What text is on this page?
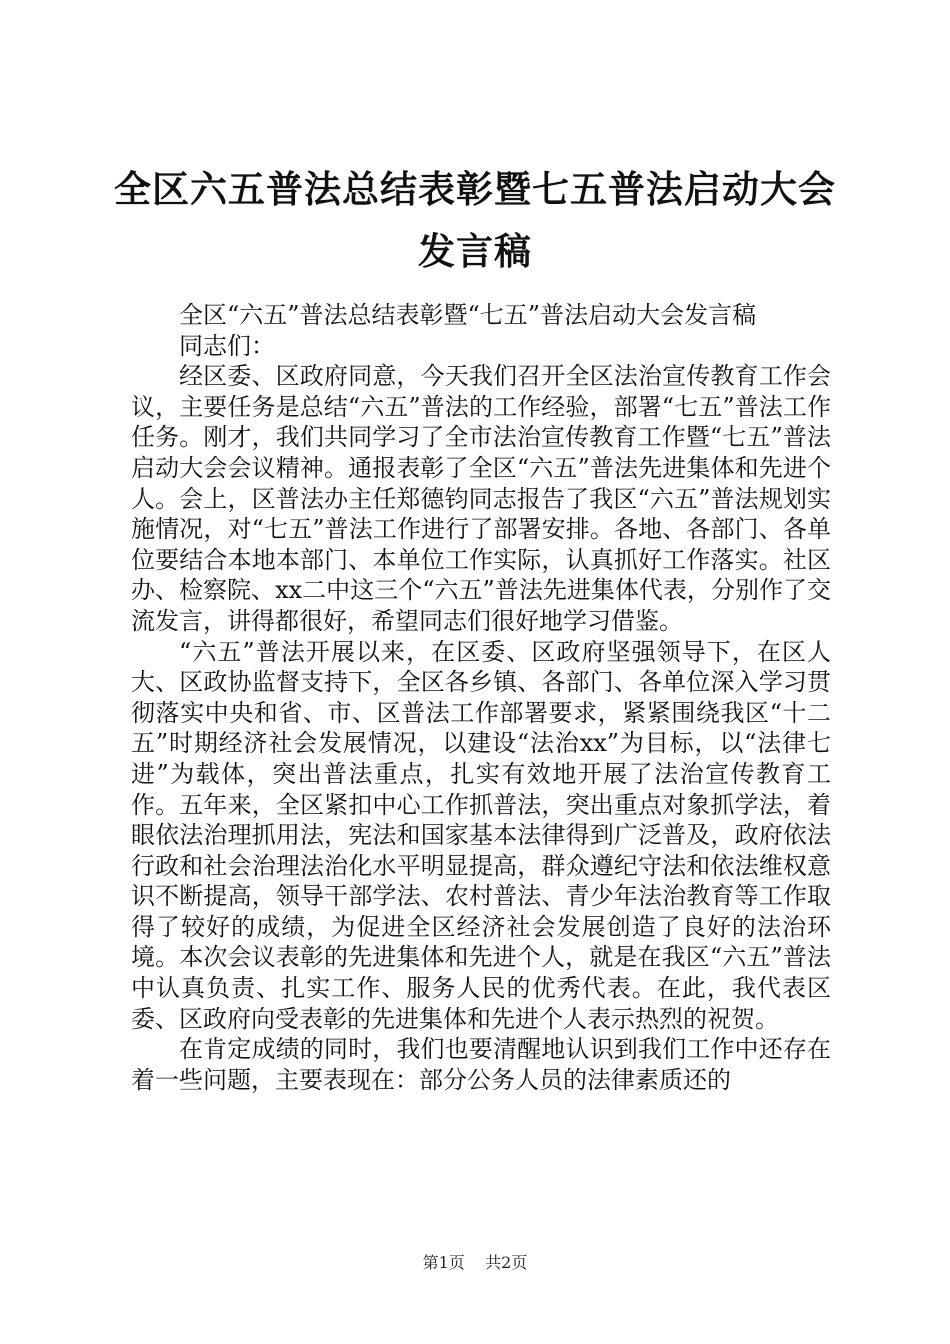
全区六五普法总结表彰暨七五普法启动大会发言稿

全区“六五”普法总结表彰暨“七五”普法启动大会发言稿

同志们：

经区委、区政府同意，今天我们召开全区法治宣传教育工作会议，主要任务是总结“六五”普法的工作经验，部署“七五”普法工作任务。刚才，我们共同学习了全市法治宣传教育工作暨“七五”普法启动大会会议精神。通报表彰了全区“六五”普法先进集体和先进个人。会上，区普法办主任郑德钧同志报告了我区“六五”普法规划实施情况，对“七五”普法工作进行了部署安排。各地、各部门、各单位要结合本地本部门、本单位工作实际，认真抓好工作落实。社区办、检察院、xx二中这三个“六五”普法先进集体代表，分别作了交流发言，讲得都很好，希望同志们很好地学习借鉴。

“六五”普法开展以来，在区委、区政府坚强领导下，在区人大、区政协监督支持下，全区各乡镇、各部门、各单位深入学习贯彻落实中央和省、市、区普法工作部署要求，紧紧围绕我区“十二五”时期经济社会发展情况，以建设“法治xx”为目标，以“法律七进”为载体，突出普法重点，扎实有效地开展了法治宣传教育工作。五年来，全区紧扣中心工作抓普法，突出重点对象抓学法，着眼依法治理抓用法，宪法和国家基本法律得到广泛普及，政府依法行政和社会治理法治化水平明显提高，群众遵纪守法和依法维权意识不断提高，领导干部学法、农村普法、青少年法治教育等工作取得了较好的成绩，为促进全区经济社会发展创造了良好的法治环境。本次会议表彰的先进集体和先进个人，就是在我区“六五”普法中认真负责、扎实工作、服务人民的优秀代表。在此，我代表区委、区政府向受表彰的先进集体和先进个人表示热烈的祝贺。

在肯定成绩的同时，我们也要清醒地认识到我们工作中还存在着一些问题，主要表现在：部分公务人员的法律素质还的

第1页 共2页
